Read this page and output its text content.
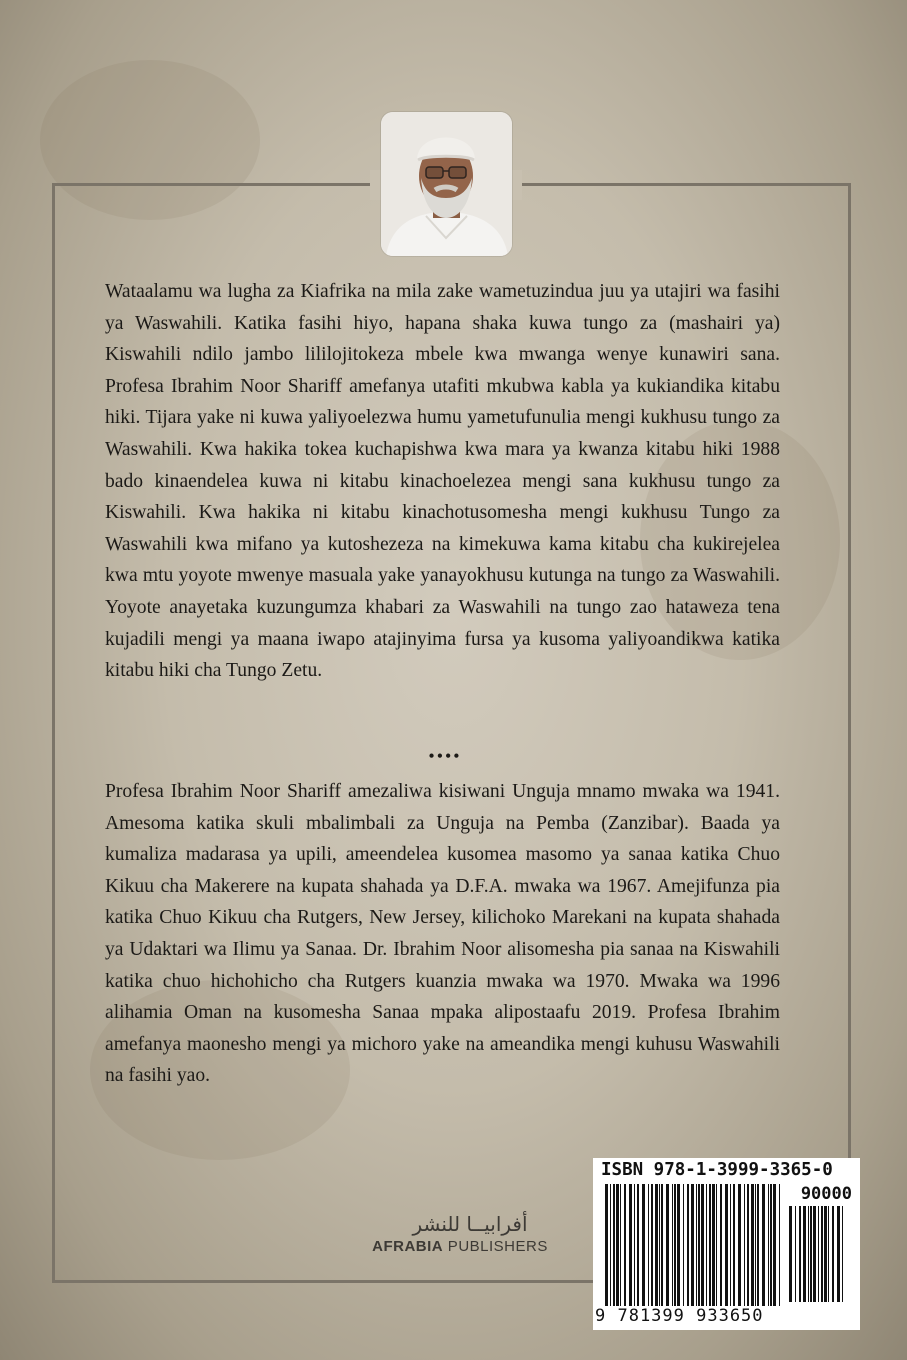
Wataalamu wa lugha za Kiafrika na mila zake wametuzindua juu ya utajiri wa fasihi ya Waswahili. Katika fasihi hiyo, hapana shaka kuwa tungo za (mashairi ya) Kiswahili ndilo jambo lililojitokeza mbele kwa mwanga wenye kunawiri sana. Profesa Ibrahim Noor Shariff amefanya utafiti mkubwa kabla ya kukiandika kitabu hiki. Tijara yake ni kuwa yaliyoelezwa humu yametufunulia mengi kukhusu tungo za Waswahili. Kwa hakika tokea kuchapishwa kwa mara ya kwanza kitabu hiki 1988 bado kinaendelea kuwa ni kitabu kinachoelezea mengi sana kukhusu tungo za Kiswahili. Kwa hakika ni kitabu kinachotusomesha mengi kukhusu Tungo za Waswahili kwa mifano ya kutoshezeza na kimekuwa kama kitabu cha kukirejelea kwa mtu yoyote mwenye masuala yake yanayokhusu kutunga na tungo za Waswahili. Yoyote anayetaka kuzungumza khabari za Waswahili na tungo zao hataweza tena kujadili mengi ya maana iwapo atajinyima fursa ya kusoma yaliyoandikwa katika kitabu hiki cha Tungo Zetu.

••••

Profesa Ibrahim Noor Shariff amezaliwa kisiwani Unguja mnamo mwaka wa 1941. Amesoma katika skuli mbalimbali za Unguja na Pemba (Zanzibar). Baada ya kumaliza madarasa ya upili, ameendelea kusomea masomo ya sanaa katika Chuo Kikuu cha Makerere na kupata shahada ya D.F.A. mwaka wa 1967. Amejifunza pia katika Chuo Kikuu cha Rutgers, New Jersey, kilichoko Marekani na kupata shahada ya Udaktari wa Ilimu ya Sanaa. Dr. Ibrahim Noor alisomesha pia sanaa na Kiswahili katika chuo hichohicho cha Rutgers kuanzia mwaka wa 1970. Mwaka wa 1996 alihamia Oman na kusomesha Sanaa mpaka alipostaafu 2019. Profesa Ibrahim amefanya maonesho mengi ya michoro yake na ameandika mengi kuhusu Waswahili na fasihi yao.

أفرابيــا للنشر
AFRABIA PUBLISHERS
ISBN 978-1-3999-3365-0
90000
9 781399 933650
